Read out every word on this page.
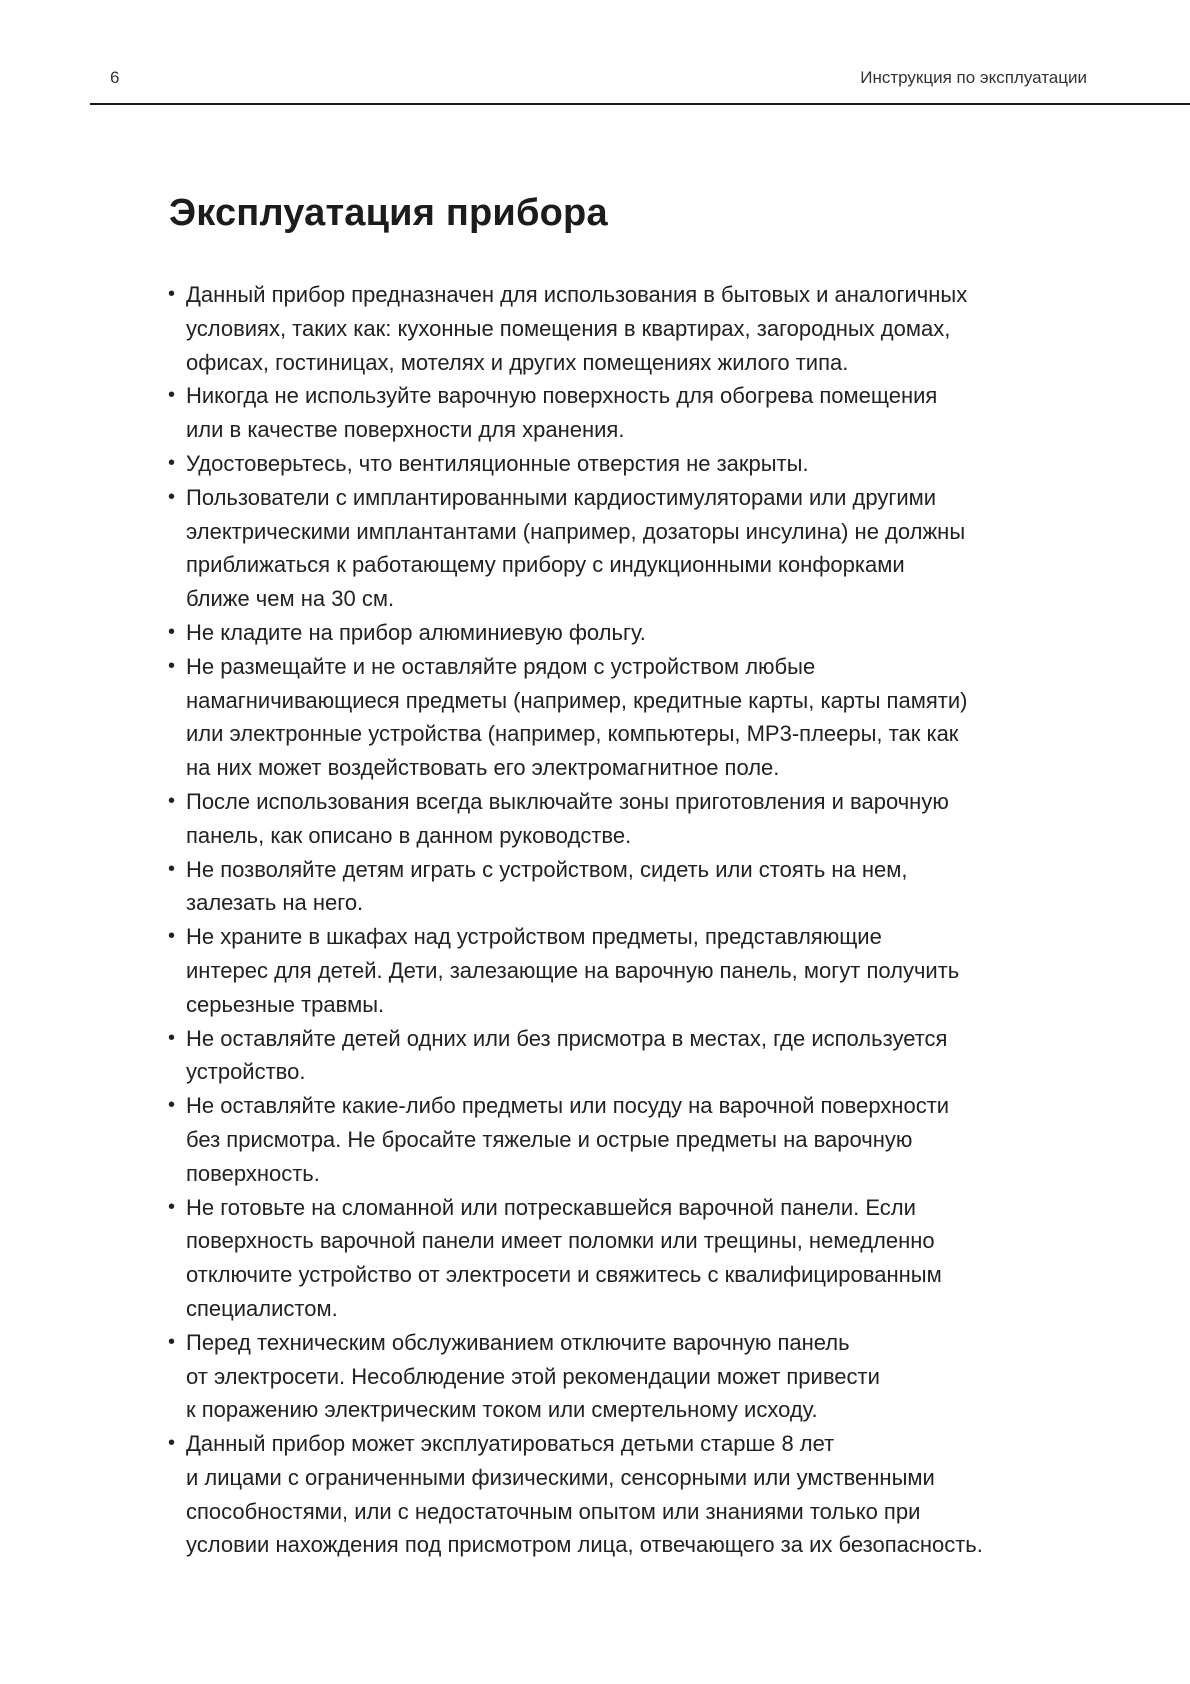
6	Инструкция по эксплуатации
Эксплуатация прибора
• Данный прибор предназначен для использования в бытовых и аналогичных
условиях, таких как: кухонные помещения в квартирах, загородных домах,
офисах, гостиницах, мотелях и других помещениях жилого типа.
• Никогда не используйте варочную поверхность для обогрева помещения
или в качестве поверхности для хранения.
• Удостоверьтесь, что вентиляционные отверстия не закрыты.
• Пользователи с имплантированными кардиостимуляторами или другими
электрическими имплантантами (например, дозаторы инсулина) не должны
приближаться к работающему прибору с индукционными конфорками
ближе чем на 30 см.
• Не кладите на прибор алюминиевую фольгу.
• Не размещайте и не оставляйте рядом с устройством любые
намагничивающиеся предметы (например, кредитные карты, карты памяти)
или электронные устройства (например, компьютеры, MP3-плееры, так как
на них может воздействовать его электромагнитное поле.
• После использования всегда выключайте зоны приготовления и варочную
панель, как описано в данном руководстве.
• Не позволяйте детям играть с устройством, сидеть или стоять на нем,
залезать на него.
• Не храните в шкафах над устройством предметы, представляющие
интерес для детей. Дети, залезающие на варочную панель, могут получить
серьезные травмы.
• Не оставляйте детей одних или без присмотра в местах, где используется
устройство.
• Не оставляйте какие-либо предметы или посуду на варочной поверхности
без присмотра. Не бросайте тяжелые и острые предметы на варочную
поверхность.
• Не готовьте на сломанной или потрескавшейся варочной панели. Если
поверхность варочной панели имеет поломки или трещины, немедленно
отключите устройство от электросети и свяжитесь с квалифицированным
специалистом.
• Перед техническим обслуживанием отключите варочную панель
от электросети. Несоблюдение этой рекомендации может привести
к поражению электрическим током или смертельному исходу.
• Данный прибор может эксплуатироваться детьми старше 8 лет
и лицами с ограниченными физическими, сенсорными или умственными
способностями, или с недостаточным опытом или знаниями только при
условии нахождения под присмотром лица, отвечающего за их безопасность.
